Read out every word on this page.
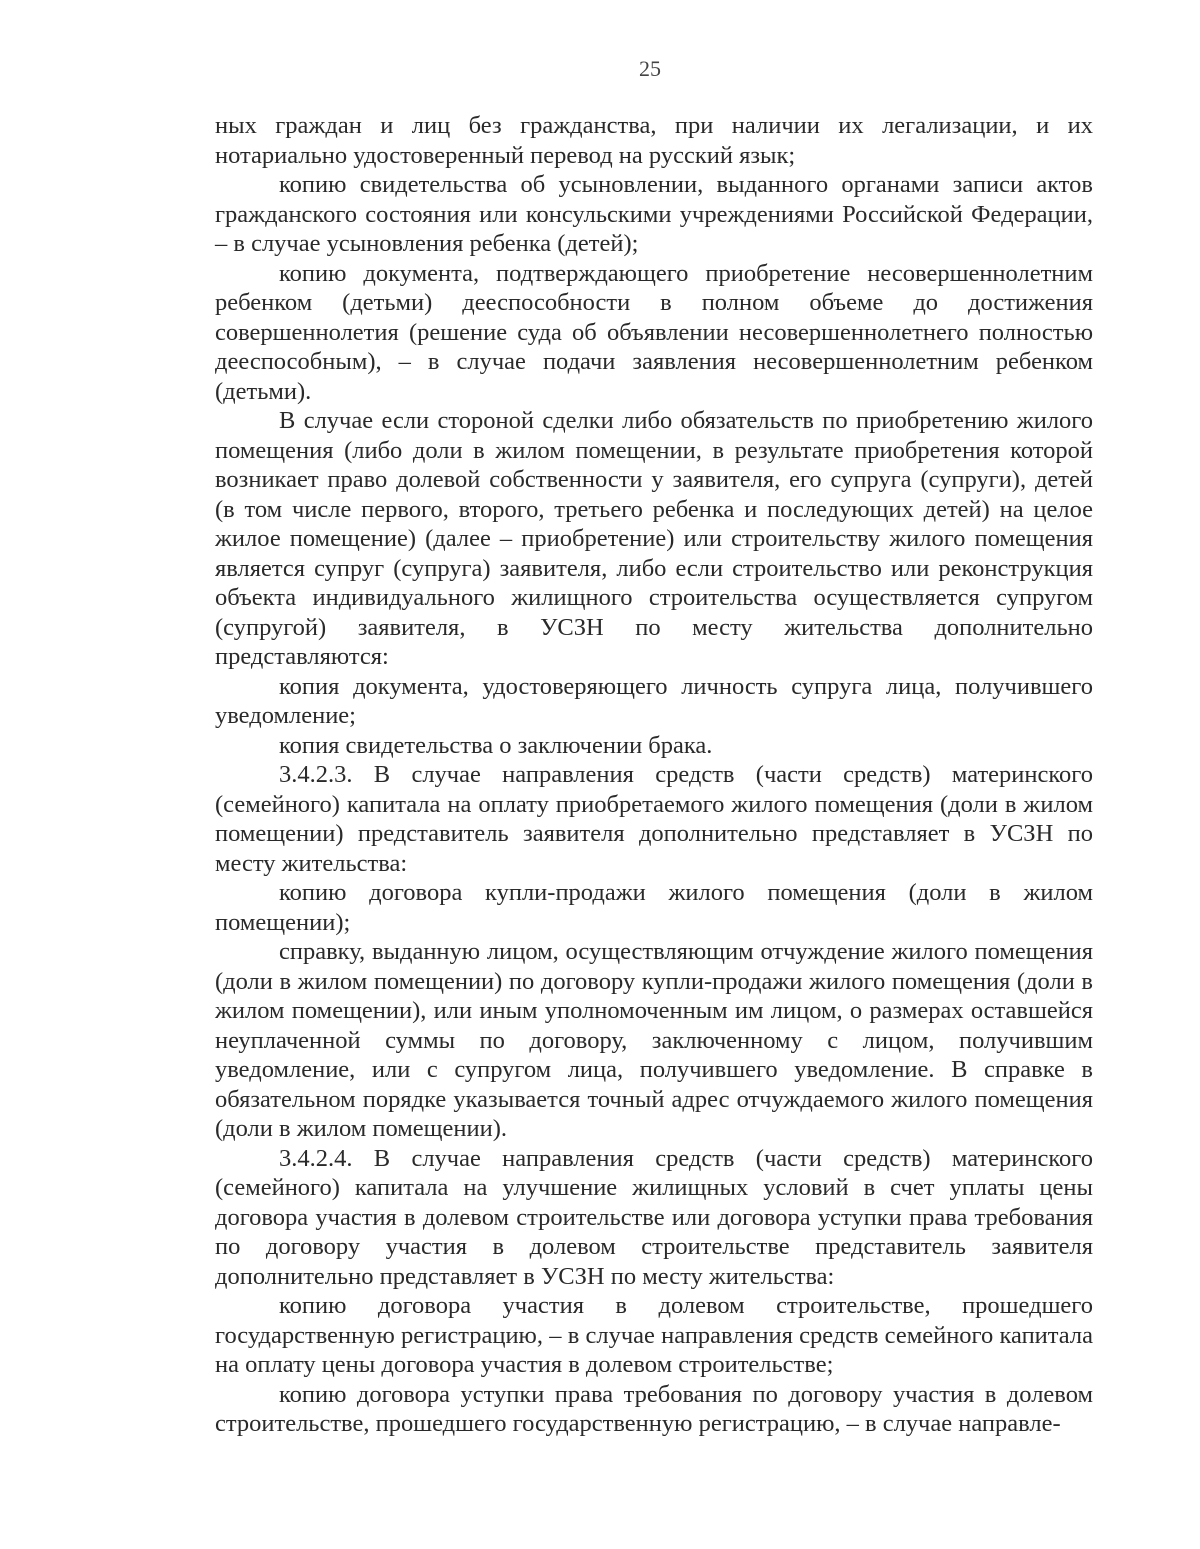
25

ных граждан и лиц без гражданства, при наличии их легализации, и их нотариально удостоверенный перевод на русский язык;

копию свидетельства об усыновлении, выданного органами записи актов гражданского состояния или консульскими учреждениями Российской Федерации, – в случае усыновления ребенка (детей);

копию документа, подтверждающего приобретение несовершеннолетним ребенком (детьми) дееспособности в полном объеме до достижения совершеннолетия (решение суда об объявлении несовершеннолетнего полностью дееспособным), – в случае подачи заявления несовершеннолетним ребенком (детьми).

В случае если стороной сделки либо обязательств по приобретению жилого помещения (либо доли в жилом помещении, в результате приобретения которой возникает право долевой собственности у заявителя, его супруга (супруги), детей (в том числе первого, второго, третьего ребенка и последующих детей) на целое жилое помещение) (далее – приобретение) или строительству жилого помещения является супруг (супруга) заявителя, либо если строительство или реконструкция объекта индивидуального жилищного строительства осуществляется супругом (супругой) заявителя, в УСЗН по месту жительства дополнительно представляются:

копия документа, удостоверяющего личность супруга лица, получившего уведомление;

копия свидетельства о заключении брака.

3.4.2.3. В случае направления средств (части средств) материнского (семейного) капитала на оплату приобретаемого жилого помещения (доли в жилом помещении) представитель заявителя дополнительно представляет в УСЗН по месту жительства:

копию договора купли-продажи жилого помещения (доли в жилом помещении);

справку, выданную лицом, осуществляющим отчуждение жилого помещения (доли в жилом помещении) по договору купли-продажи жилого помещения (доли в жилом помещении), или иным уполномоченным им лицом, о размерах оставшейся неуплаченной суммы по договору, заключенному с лицом, получившим уведомление, или с супругом лица, получившего уведомление. В справке в обязательном порядке указывается точный адрес отчуждаемого жилого помещения (доли в жилом помещении).

3.4.2.4. В случае направления средств (части средств) материнского (семейного) капитала на улучшение жилищных условий в счет уплаты цены договора участия в долевом строительстве или договора уступки права требования по договору участия в долевом строительстве представитель заявителя дополнительно представляет в УСЗН по месту жительства:

копию договора участия в долевом строительстве, прошедшего государственную регистрацию, – в случае направления средств семейного капитала на оплату цены договора участия в долевом строительстве;

копию договора уступки права требования по договору участия в долевом строительстве, прошедшего государственную регистрацию, – в случае направле-
